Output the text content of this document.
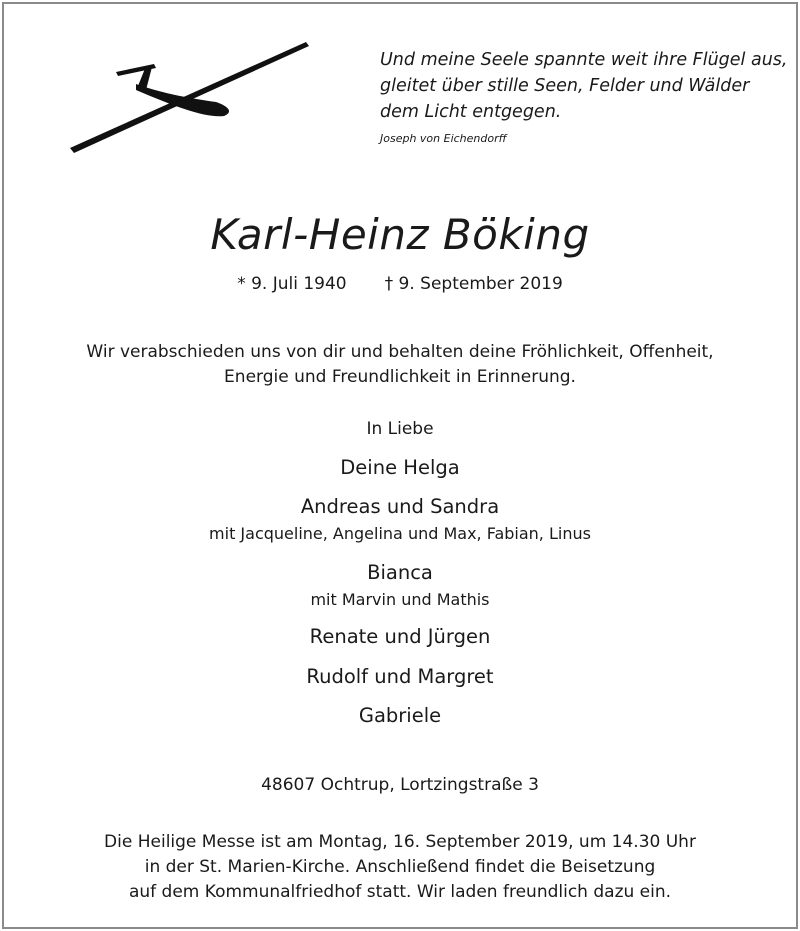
Und meine Seele spannte weit ihre Flügel aus,
gleitet über stille Seen, Felder und Wälder
dem Licht entgegen.
Joseph von Eichendorff
Karl-Heinz Böking
* 9. Juli 1940 † 9. September 2019
Wir verabschieden uns von dir und behalten deine Fröhlichkeit, Offenheit,
Energie und Freundlichkeit in Erinnerung.
In Liebe
Deine Helga
Andreas und Sandra
mit Jacqueline, Angelina und Max, Fabian, Linus
Bianca
mit Marvin und Mathis
Renate und Jürgen
Rudolf und Margret
Gabriele
48607 Ochtrup, Lortzingstraße 3
Die Heilige Messe ist am Montag, 16. September 2019, um 14.30 Uhr
in der St. Marien-Kirche. Anschließend findet die Beisetzung
auf dem Kommunalfriedhof statt. Wir laden freundlich dazu ein.
